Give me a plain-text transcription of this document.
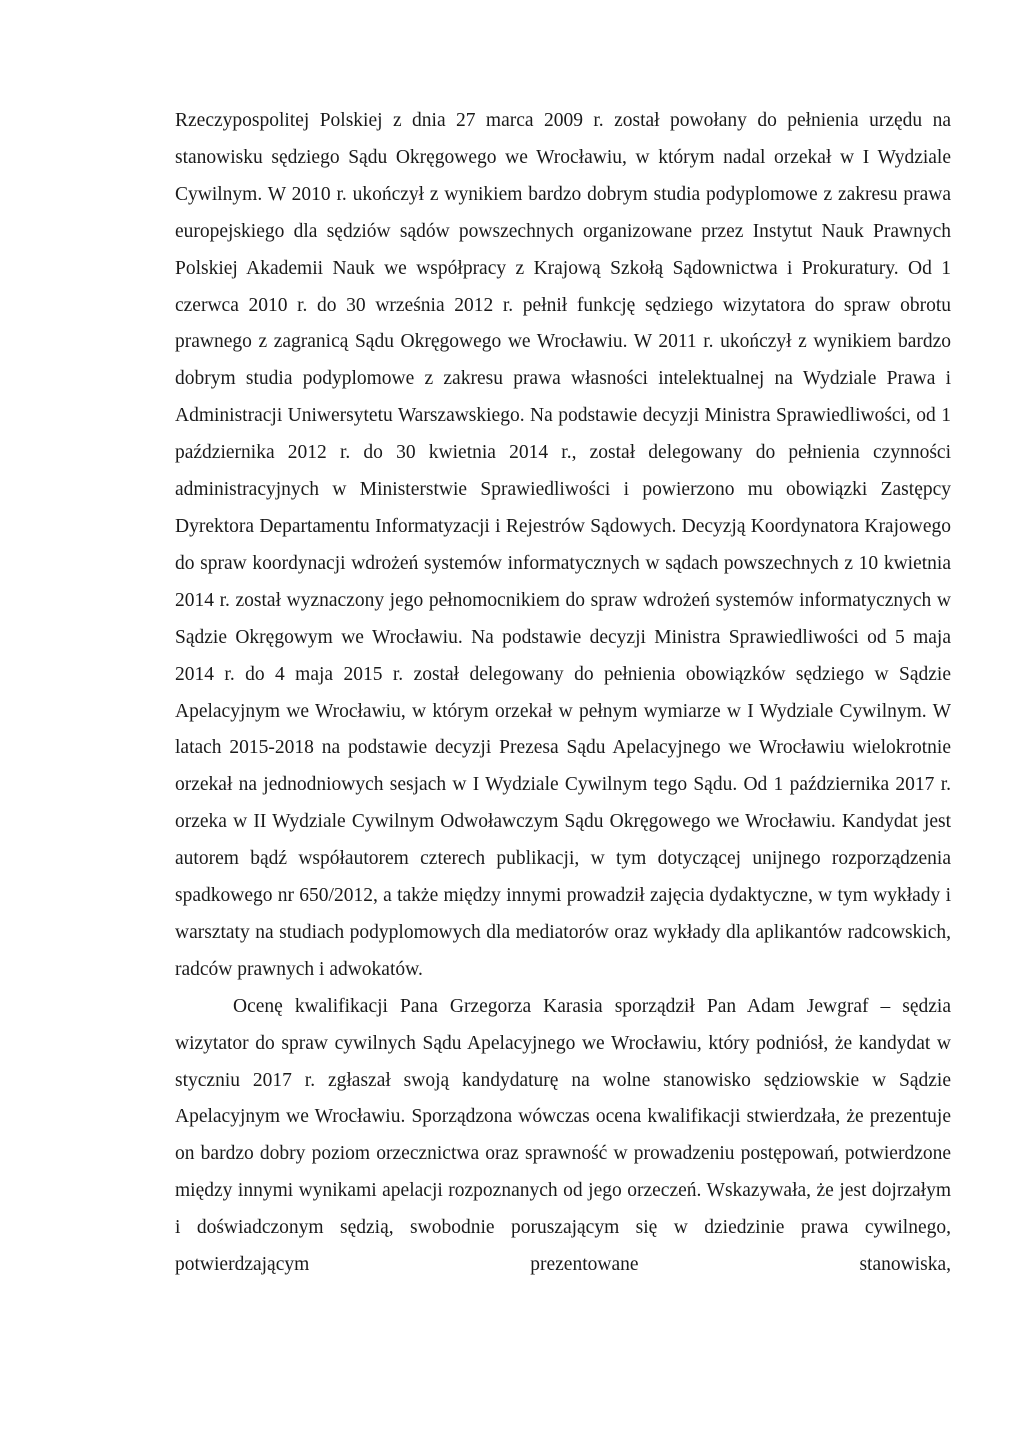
Rzeczypospolitej Polskiej z dnia 27 marca 2009 r. został powołany do pełnienia urzędu na stanowisku sędziego Sądu Okręgowego we Wrocławiu, w którym nadal orzekał w I Wydziale Cywilnym. W 2010 r. ukończył z wynikiem bardzo dobrym studia podyplomowe z zakresu prawa europejskiego dla sędziów sądów powszechnych organizowane przez Instytut Nauk Prawnych Polskiej Akademii Nauk we współpracy z Krajową Szkołą Sądownictwa i Prokuratury. Od 1 czerwca 2010 r. do 30 września 2012 r. pełnił funkcję sędziego wizytatora do spraw obrotu prawnego z zagranicą Sądu Okręgowego we Wrocławiu. W 2011 r. ukończył z wynikiem bardzo dobrym studia podyplomowe z zakresu prawa własności intelektualnej na Wydziale Prawa i Administracji Uniwersytetu Warszawskiego. Na podstawie decyzji Ministra Sprawiedliwości, od 1 października 2012 r. do 30 kwietnia 2014 r., został delegowany do pełnienia czynności administracyjnych w Ministerstwie Sprawiedliwości i powierzono mu obowiązki Zastępcy Dyrektora Departamentu Informatyzacji i Rejestrów Sądowych. Decyzją Koordynatora Krajowego do spraw koordynacji wdrożeń systemów informatycznych w sądach powszechnych z 10 kwietnia 2014 r. został wyznaczony jego pełnomocnikiem do spraw wdrożeń systemów informatycznych w Sądzie Okręgowym we Wrocławiu. Na podstawie decyzji Ministra Sprawiedliwości od 5 maja 2014 r. do 4 maja 2015 r. został delegowany do pełnienia obowiązków sędziego w Sądzie Apelacyjnym we Wrocławiu, w którym orzekał w pełnym wymiarze w I Wydziale Cywilnym. W latach 2015-2018 na podstawie decyzji Prezesa Sądu Apelacyjnego we Wrocławiu wielokrotnie orzekał na jednodniowych sesjach w I Wydziale Cywilnym tego Sądu. Od 1 października 2017 r. orzeka w II Wydziale Cywilnym Odwoławczym Sądu Okręgowego we Wrocławiu. Kandydat jest autorem bądź współautorem czterech publikacji, w tym dotyczącej unijnego rozporządzenia spadkowego nr 650/2012, a także między innymi prowadził zajęcia dydaktyczne, w tym wykłady i warsztaty na studiach podyplomowych dla mediatorów oraz wykłady dla aplikantów radcowskich, radców prawnych i adwokatów.

Ocenę kwalifikacji Pana Grzegorza Karasia sporządził Pan Adam Jewgraf – sędzia wizytator do spraw cywilnych Sądu Apelacyjnego we Wrocławiu, który podniósł, że kandydat w styczniu 2017 r. zgłaszał swoją kandydaturę na wolne stanowisko sędziowskie w Sądzie Apelacyjnym we Wrocławiu. Sporządzona wówczas ocena kwalifikacji stwierdzała, że prezentuje on bardzo dobry poziom orzecznictwa oraz sprawność w prowadzeniu postępowań, potwierdzone między innymi wynikami apelacji rozpoznanych od jego orzeczeń. Wskazywała, że jest dojrzałym i doświadczonym sędzią, swobodnie poruszającym się w dziedzinie prawa cywilnego, potwierdzającym prezentowane stanowiska,
